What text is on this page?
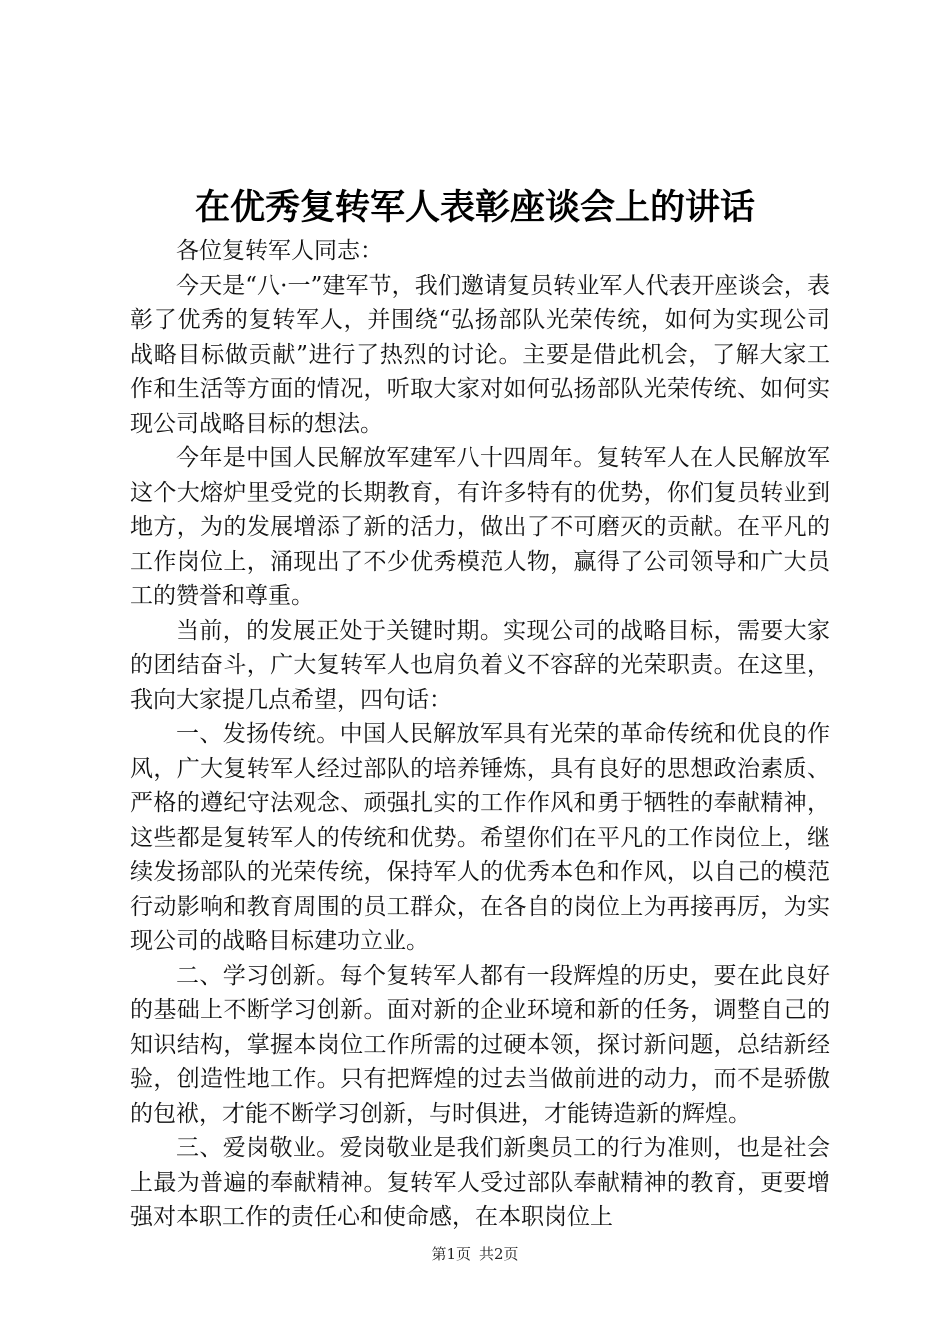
在优秀复转军人表彰座谈会上的讲话

各位复转军人同志：

今天是“八·一”建军节，我们邀请复员转业军人代表开座谈会，表彰了优秀的复转军人，并围绕“弘扬部队光荣传统，如何为实现公司战略目标做贡献”进行了热烈的讨论。主要是借此机会，了解大家工作和生活等方面的情况，听取大家对如何弘扬部队光荣传统、如何实现公司战略目标的想法。

今年是中国人民解放军建军八十四周年。复转军人在人民解放军这个大熔炉里受党的长期教育，有许多特有的优势，你们复员转业到地方，为的发展增添了新的活力，做出了不可磨灭的贡献。在平凡的工作岗位上，涌现出了不少优秀模范人物，赢得了公司领导和广大员工的赞誉和尊重。

当前，的发展正处于关键时期。实现公司的战略目标，需要大家的团结奋斗，广大复转军人也肩负着义不容辞的光荣职责。在这里，我向大家提几点希望，四句话：

一、发扬传统。中国人民解放军具有光荣的革命传统和优良的作风，广大复转军人经过部队的培养锤炼，具有良好的思想政治素质、严格的遵纪守法观念、顽强扎实的工作作风和勇于牺牲的奉献精神，这些都是复转军人的传统和优势。希望你们在平凡的工作岗位上，继续发扬部队的光荣传统，保持军人的优秀本色和作风，以自己的模范行动影响和教育周围的员工群众，在各自的岗位上为再接再厉，为实现公司的战略目标建功立业。

二、学习创新。每个复转军人都有一段辉煌的历史，要在此良好的基础上不断学习创新。面对新的企业环境和新的任务，调整自己的知识结构，掌握本岗位工作所需的过硬本领，探讨新问题，总结新经验，创造性地工作。只有把辉煌的过去当做前进的动力，而不是骄傲的包袱，才能不断学习创新，与时俱进，才能铸造新的辉煌。

三、爱岗敬业。爱岗敬业是我们新奥员工的行为准则，也是社会上最为普遍的奉献精神。复转军人受过部队奉献精神的教育，更要增强对本职工作的责任心和使命感，在本职岗位上

第1页 共2页
